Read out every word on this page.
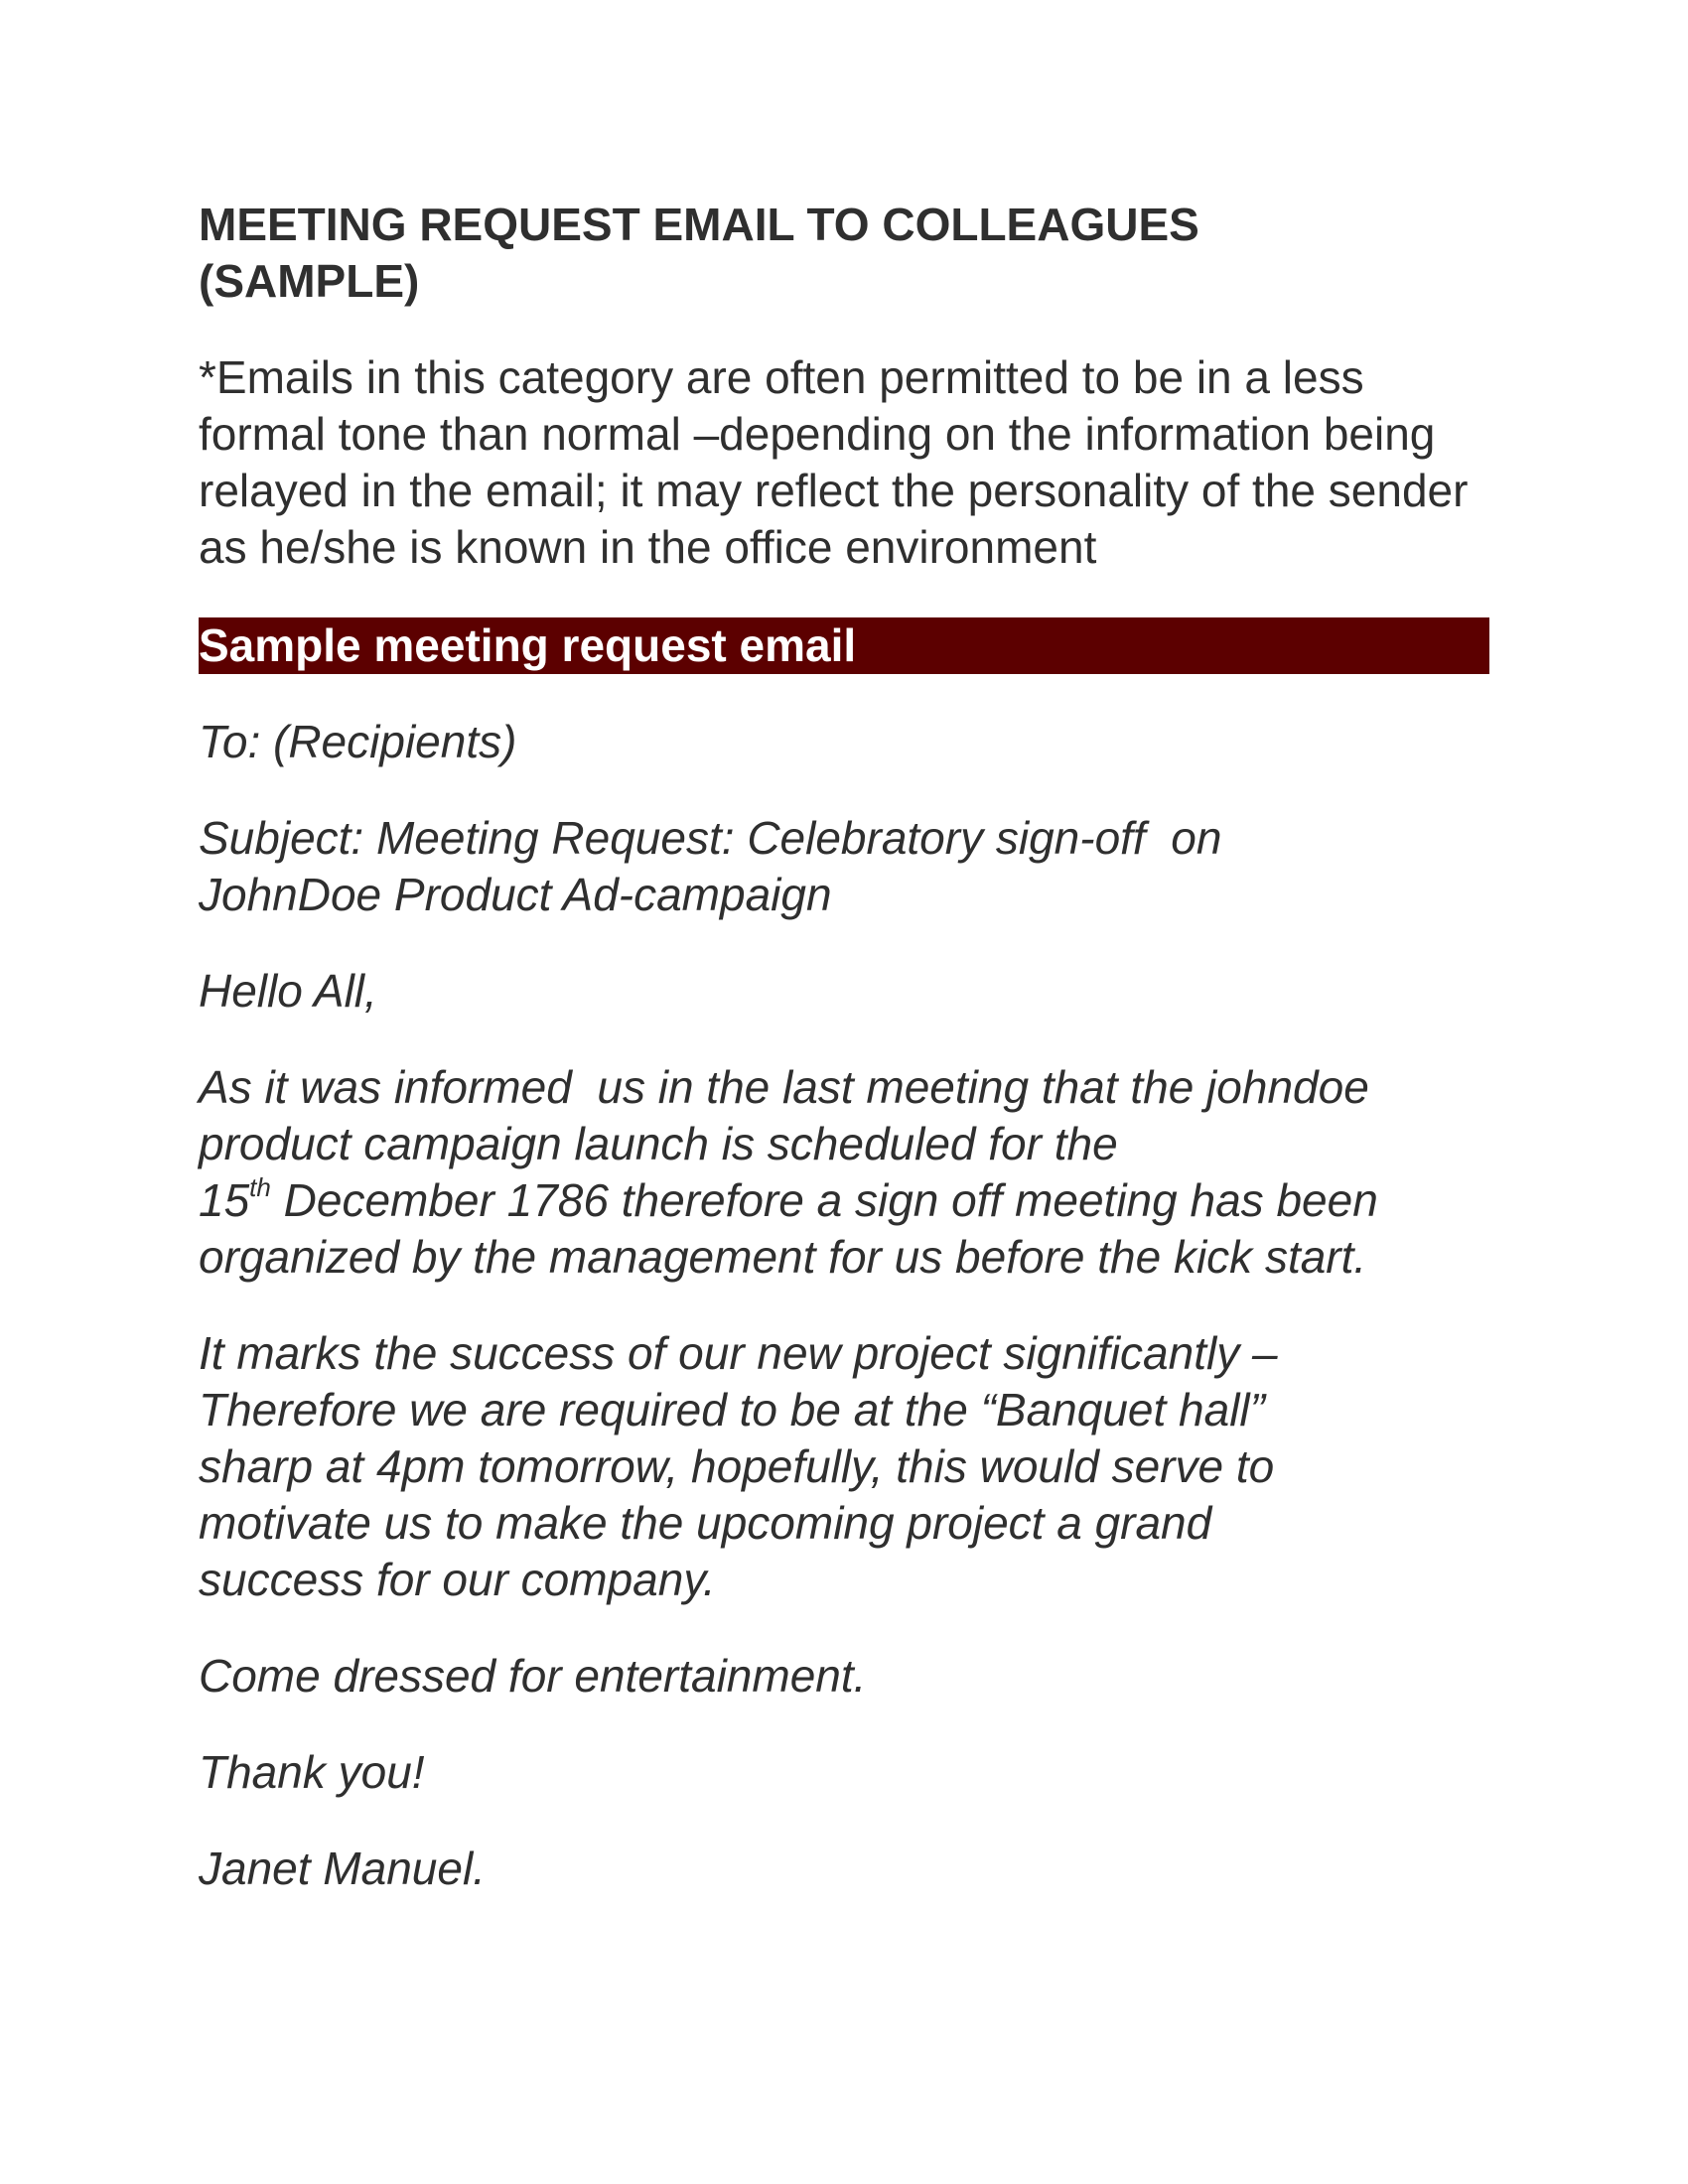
MEETING REQUEST EMAIL TO COLLEAGUES
(SAMPLE)

*Emails in this category are often permitted to be in a less formal tone than normal –depending on the information being relayed in the email; it may reflect the personality of the sender as he/she is known in the office environment

Sample meeting request email

To: (Recipients)

Subject: Meeting Request: Celebratory sign-off  on
JohnDoe Product Ad-campaign

Hello All,

As it was informed  us in the last meeting that the johndoe
product campaign launch is scheduled for the
15th December 1786 therefore a sign off meeting has been
organized by the management for us before the kick start.

It marks the success of our new project significantly –
Therefore we are required to be at the “Banquet hall”
sharp at 4pm tomorrow, hopefully, this would serve to
motivate us to make the upcoming project a grand
success for our company.

Come dressed for entertainment.

Thank you!

Janet Manuel.
